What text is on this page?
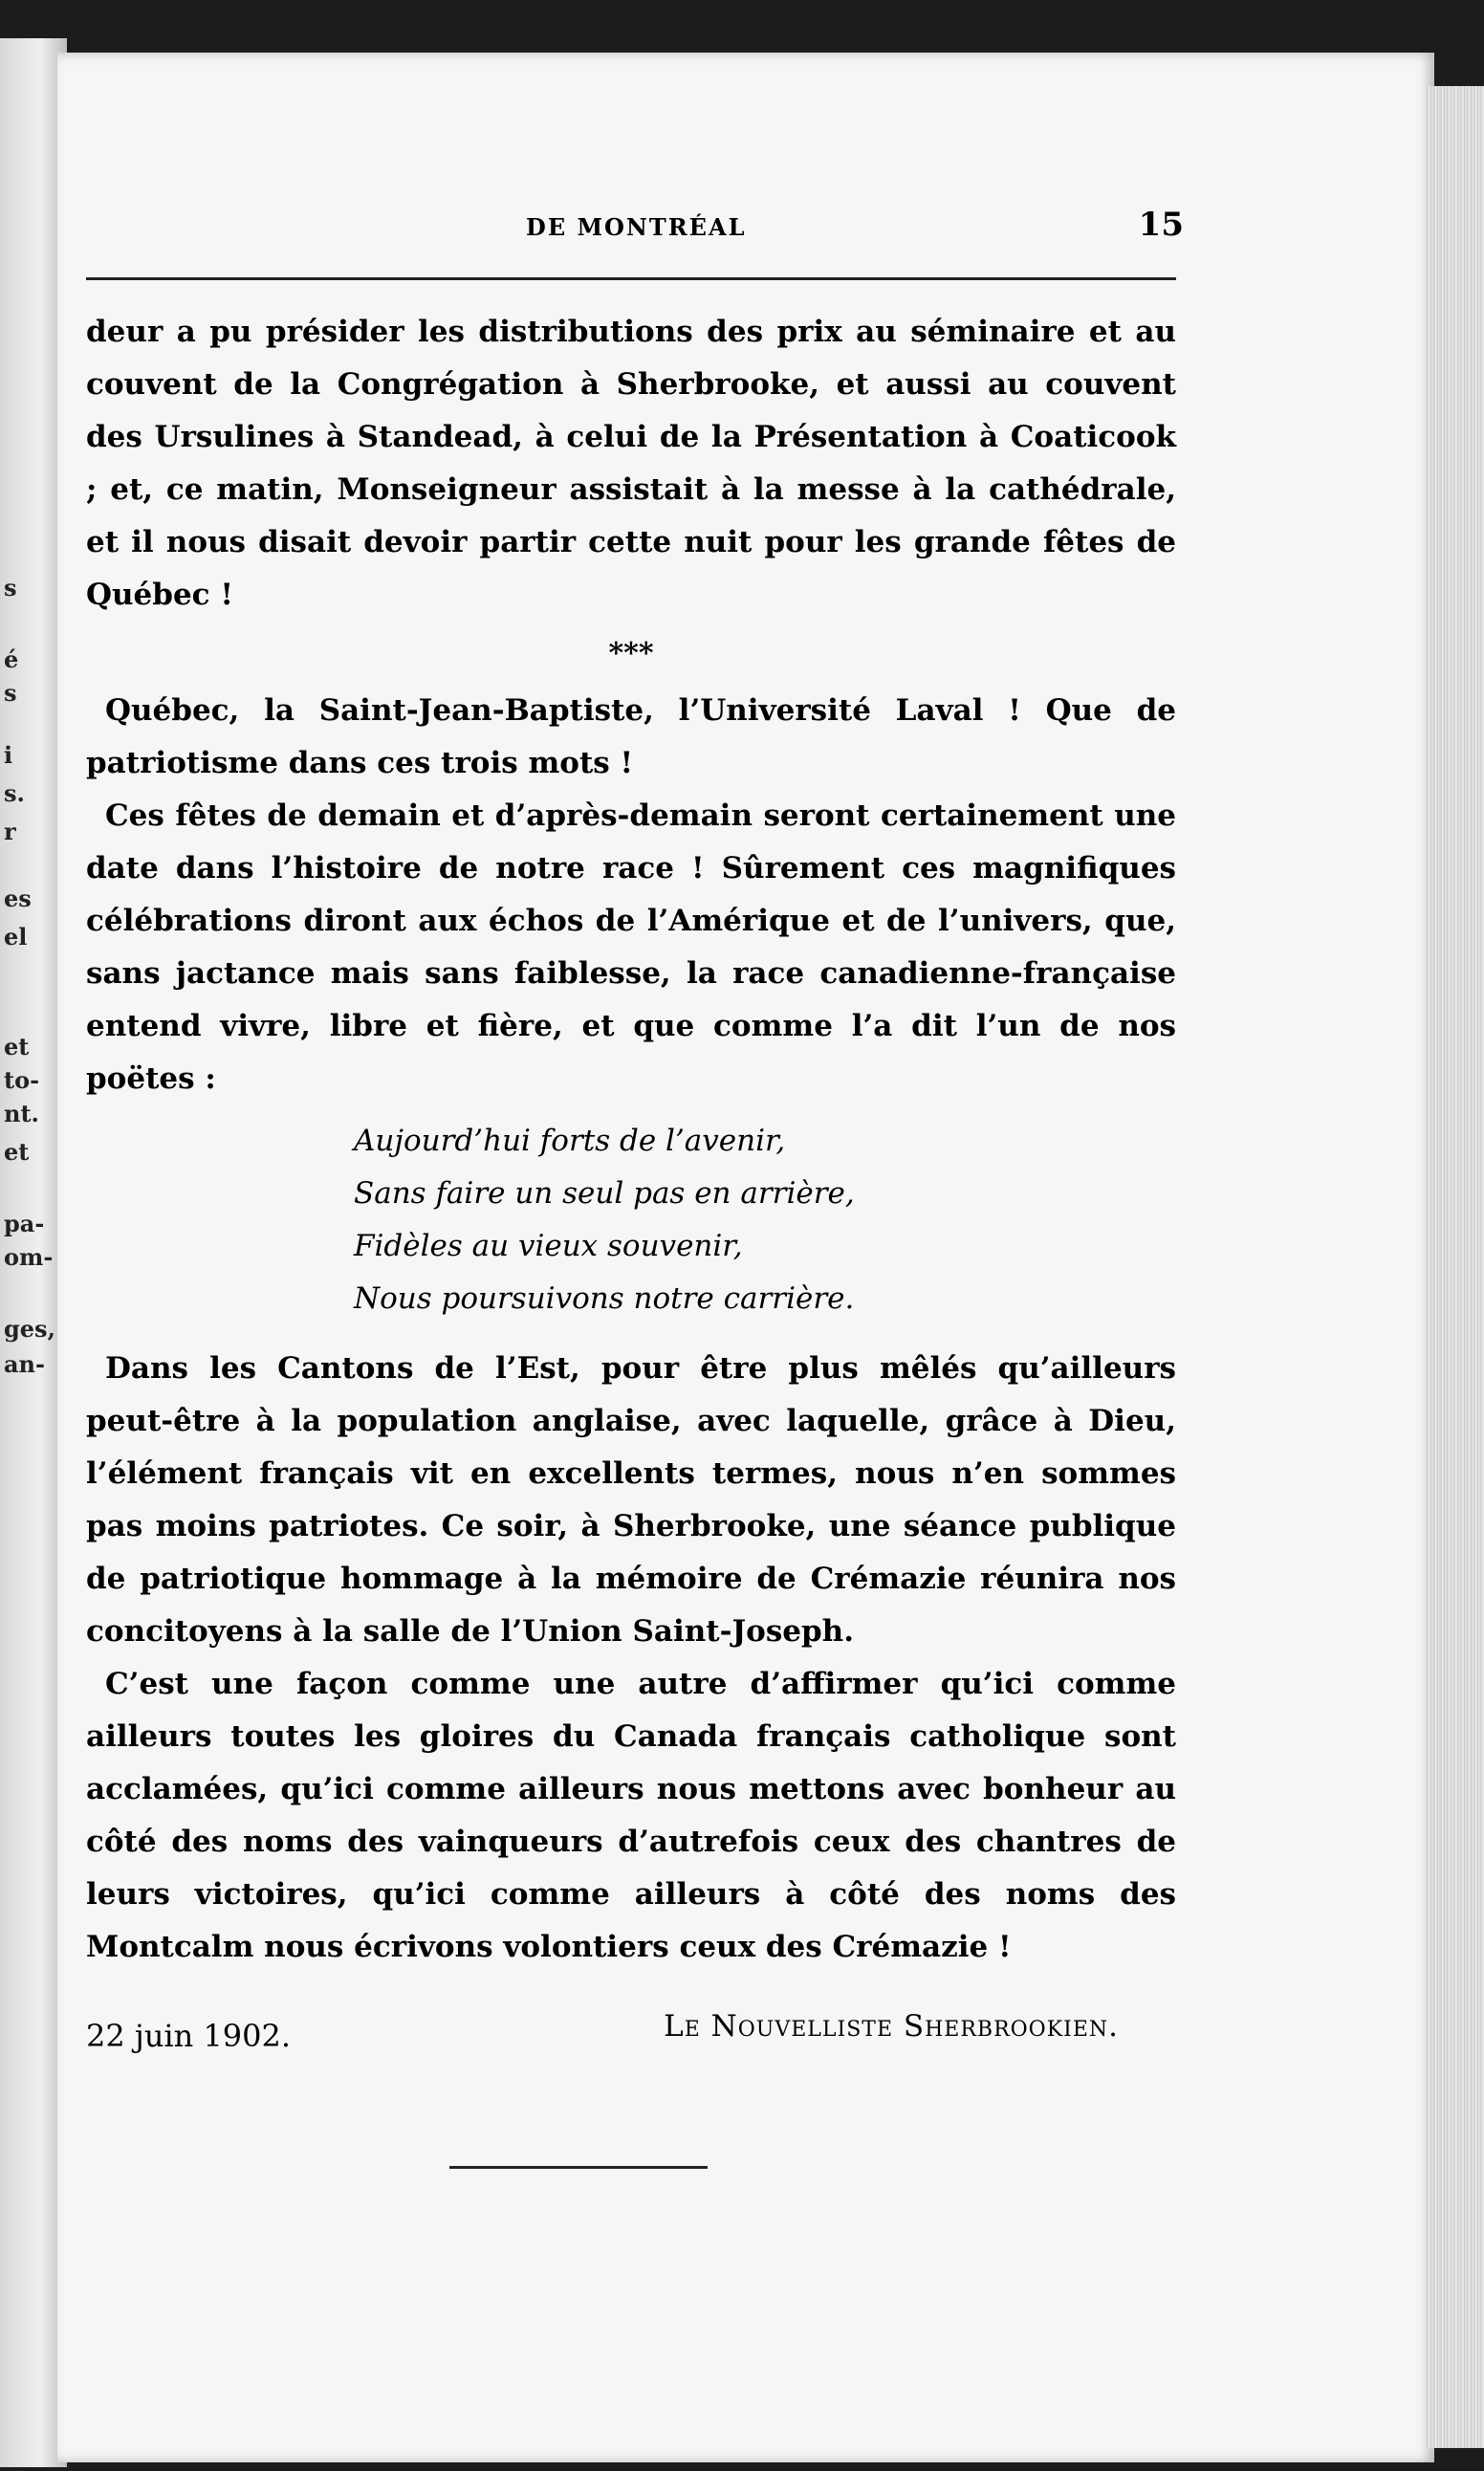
s
é
s
i
s.
r
es
el
et
to-
nt.
et
pa-
om-
ges,
an-
DE MONTRÉAL	15

deur a pu présider les distributions des prix au séminaire et au couvent de la Congrégation à Sherbrooke, et aussi au couvent des Ursulines à Standead, à celui de la Présentation à Coaticook ; et, ce matin, Monseigneur assistait à la messe à la cathédrale, et il nous disait devoir partir cette nuit pour les grande fêtes de Québec !

***

Québec, la Saint-Jean-Baptiste, l’Université Laval ! Que de patriotisme dans ces trois mots !

Ces fêtes de demain et d’après-demain seront certainement une date dans l’histoire de notre race ! Sûrement ces magnifiques célébrations diront aux échos de l’Amérique et de l’univers, que, sans jactance mais sans faiblesse, la race canadienne-française entend vivre, libre et fière, et que comme l’a dit l’un de nos poëtes :

Aujourd’hui forts de l’avenir,
Sans faire un seul pas en arrière,
Fidèles au vieux souvenir,
Nous poursuivons notre carrière.

Dans les Cantons de l’Est, pour être plus mêlés qu’ailleurs peut-être à la population anglaise, avec laquelle, grâce à Dieu, l’élément français vit en excellents termes, nous n’en sommes pas moins patriotes. Ce soir, à Sherbrooke, une séance publique de patriotique hommage à la mémoire de Crémazie réunira nos concitoyens à la salle de l’Union Saint-Joseph.

C’est une façon comme une autre d’affirmer qu’ici comme ailleurs toutes les gloires du Canada français catholique sont acclamées, qu’ici comme ailleurs nous mettons avec bonheur au côté des noms des vainqueurs d’autrefois ceux des chantres de leurs victoires, qu’ici comme ailleurs à côté des noms des Montcalm nous écrivons volontiers ceux des Crémazie !

22 juin 1902.	Le Nouvelliste Sherbrookien.
